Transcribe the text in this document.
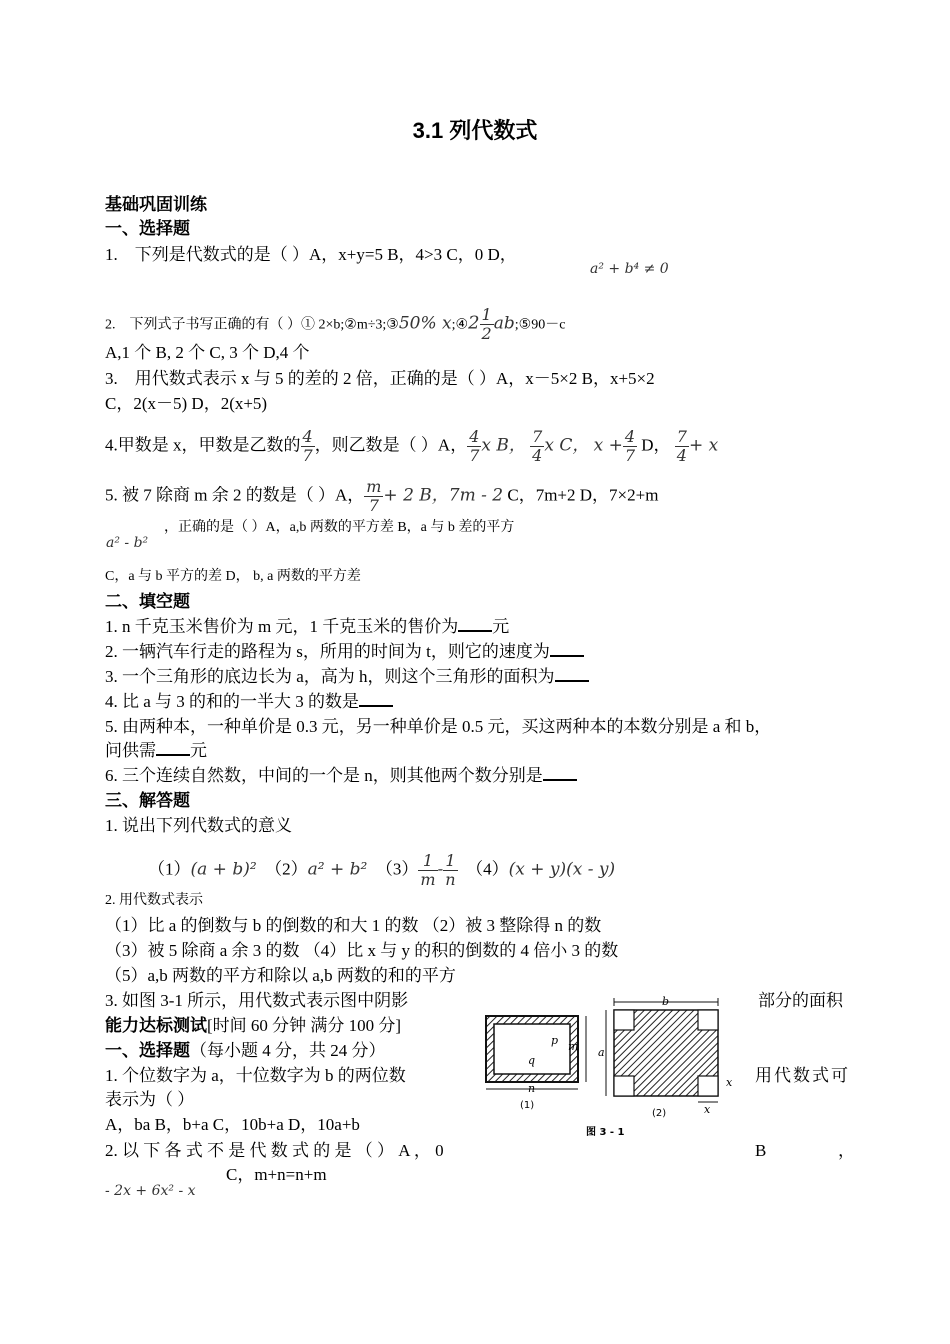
3.1 列代数式
基础巩固训练
一、选择题
1.　下列是代数式的是（ ）A，x+y=5 B，4>3 C，0 D，
a² + b⁴ ≠ 0
2.　下列式子书写正确的有（ ）① 2×b;②m÷3;③50% x;④2 $\frac{1}{2}$ ab;⑤90－c
A,1 个 B, 2 个 C, 3 个 D,4 个
3.　用代数式表示 x 与 5 的差的 2 倍，正确的是（ ）A，x－5×2 B，x+5×2
C，2(x－5) D，2(x+5)
4.甲数是 x，甲数是乙数的 $\frac{4}{7}$ ，则乙数是（ ）A， $\frac{4}{7}$ x B， $\frac{7}{4}$ x C， $x + \frac{4}{7}$ D， $\frac{7}{4} + x$
5. 被 7 除商 m 余 2 的数是（ ）A， $\frac{m}{7} + 2$ B，7m - 2 C，7m+2 D，7×2+m
a² - b²
，正确的是（ ）A，a,b 两数的平方差 B，a 与 b 差的平方
C，a 与 b 平方的差 D， b, a 两数的平方差
二、填空题
1. n 千克玉米售价为 m 元，1 千克玉米的售价为 元
2. 一辆汽车行走的路程为 s，所用的时间为 t，则它的速度为
3. 一个三角形的底边长为 a，高为 h，则这个三角形的面积为
4. 比 a 与 3 的和的一半大 3 的数是
5. 由两种本，一种单价是 0.3 元，另一种单价是 0.5 元，买这两种本的本数分别是 a 和 b，
问供需 元
6. 三个连续自然数，中间的一个是 n，则其他两个数分别是
三、解答题
1. 说出下列代数式的意义
（1）(a + b)² （2）a² + b² $(3) \frac{1}{m} - \frac{1}{n} (4)(x + y)(x - y)$
2. 用代数式表示
（1）比 a 的倒数与 b 的倒数的和大 1 的数 （2）被 3 整除得 n 的数
（3）被 5 除商 a 余 3 的数 （4）比 x 与 y 的积的倒数的 4 倍小 3 的数
（5）a,b 两数的平方和除以 a,b 两数的和的平方
3. 如图 3-1 所示，用代数式表示图中阴影	部分的面积
能力达标测试[时间 60 分钟 满分 100 分]
一、选择题（每小题 4 分，共 24 分）
1. 个位数字为 a，十位数字为 b 的两位数	用代数式可
表示为（ ）
A，ba B，b+a C，10b+a D，10a+b
2. 以 下 各 式 不 是 代 数 式 的 是 （ ） A ， 0	B	，
- 2x + 6x² - x
C，m+n=n+m
p m
q
n
(1)
b
a
x
x
(2)
图 3 - 1
